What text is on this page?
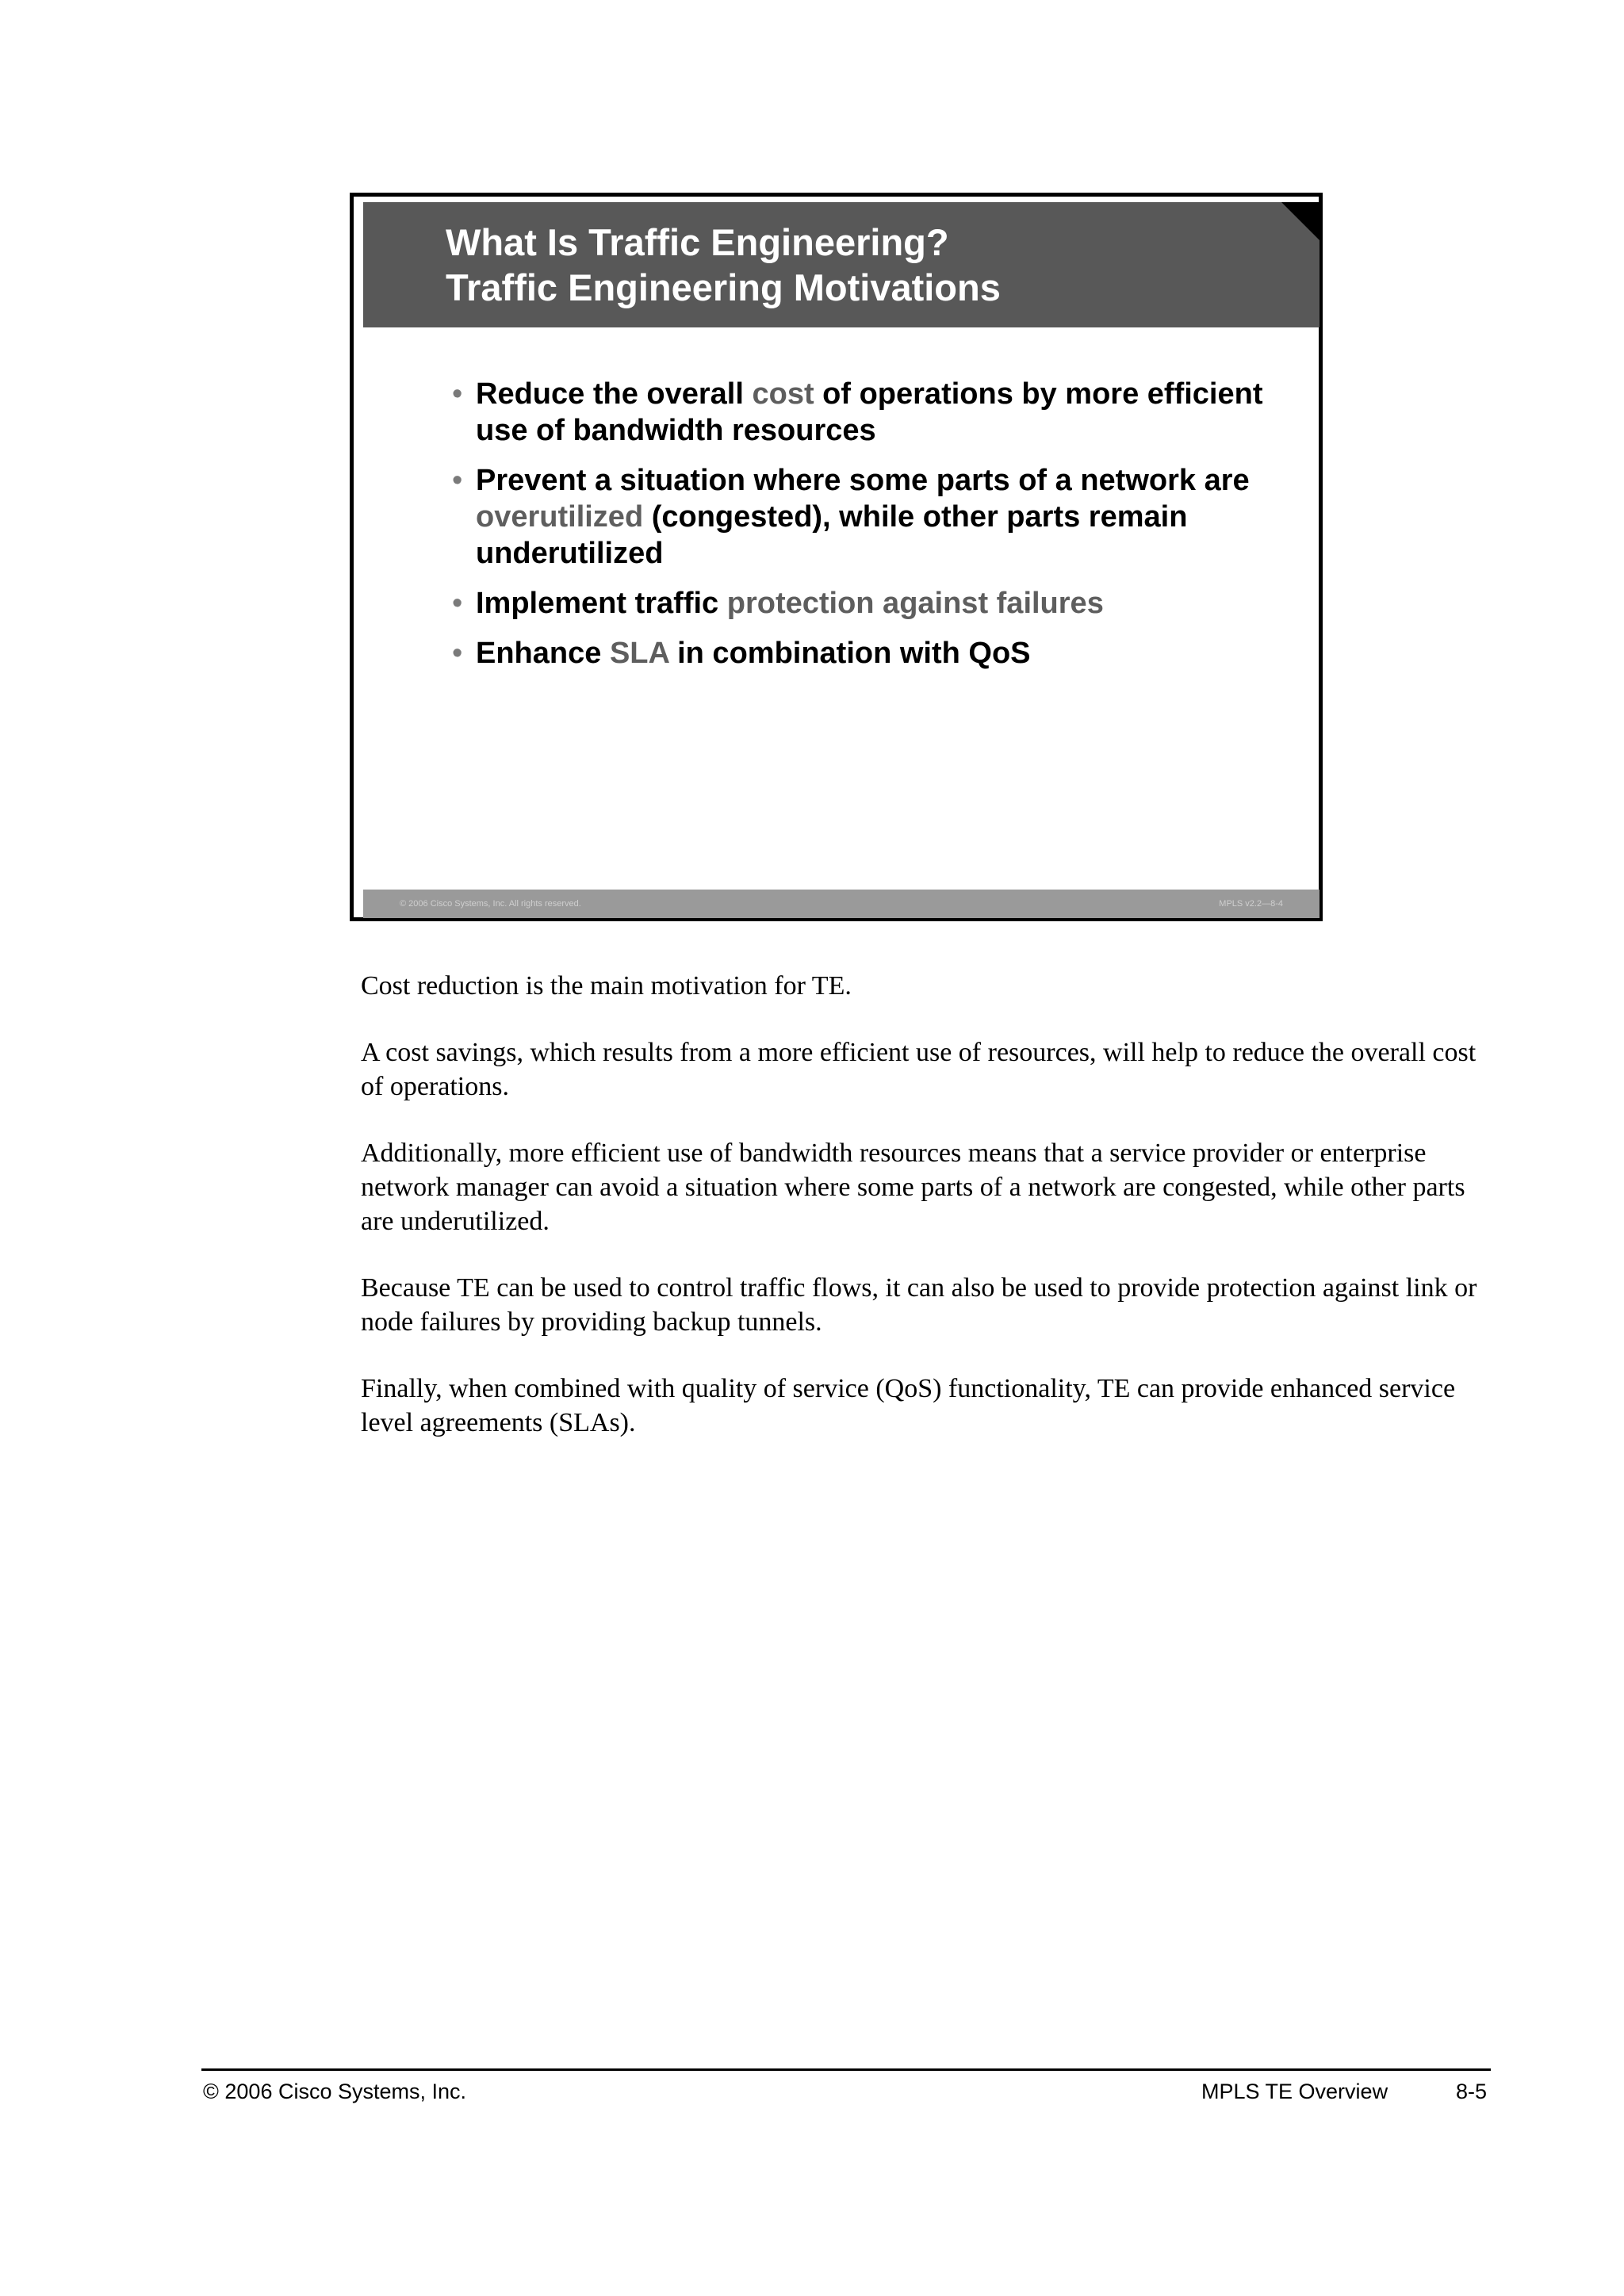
What Is Traffic Engineering?
Traffic Engineering Motivations
• Reduce the overall cost of operations by more efficient use of bandwidth resources
• Prevent a situation where some parts of a network are overutilized (congested), while other parts remain underutilized
• Implement traffic protection against failures
• Enhance SLA in combination with QoS
© 2006 Cisco Systems, Inc. All rights reserved.	MPLS v2.2—8-4

Cost reduction is the main motivation for TE.

A cost savings, which results from a more efficient use of resources, will help to reduce the overall cost of operations.

Additionally, more efficient use of bandwidth resources means that a service provider or enterprise network manager can avoid a situation where some parts of a network are congested, while other parts are underutilized.

Because TE can be used to control traffic flows, it can also be used to provide protection against link or node failures by providing backup tunnels.

Finally, when combined with quality of service (QoS) functionality, TE can provide enhanced service level agreements (SLAs).

© 2006 Cisco Systems, Inc.	MPLS TE Overview	8-5
